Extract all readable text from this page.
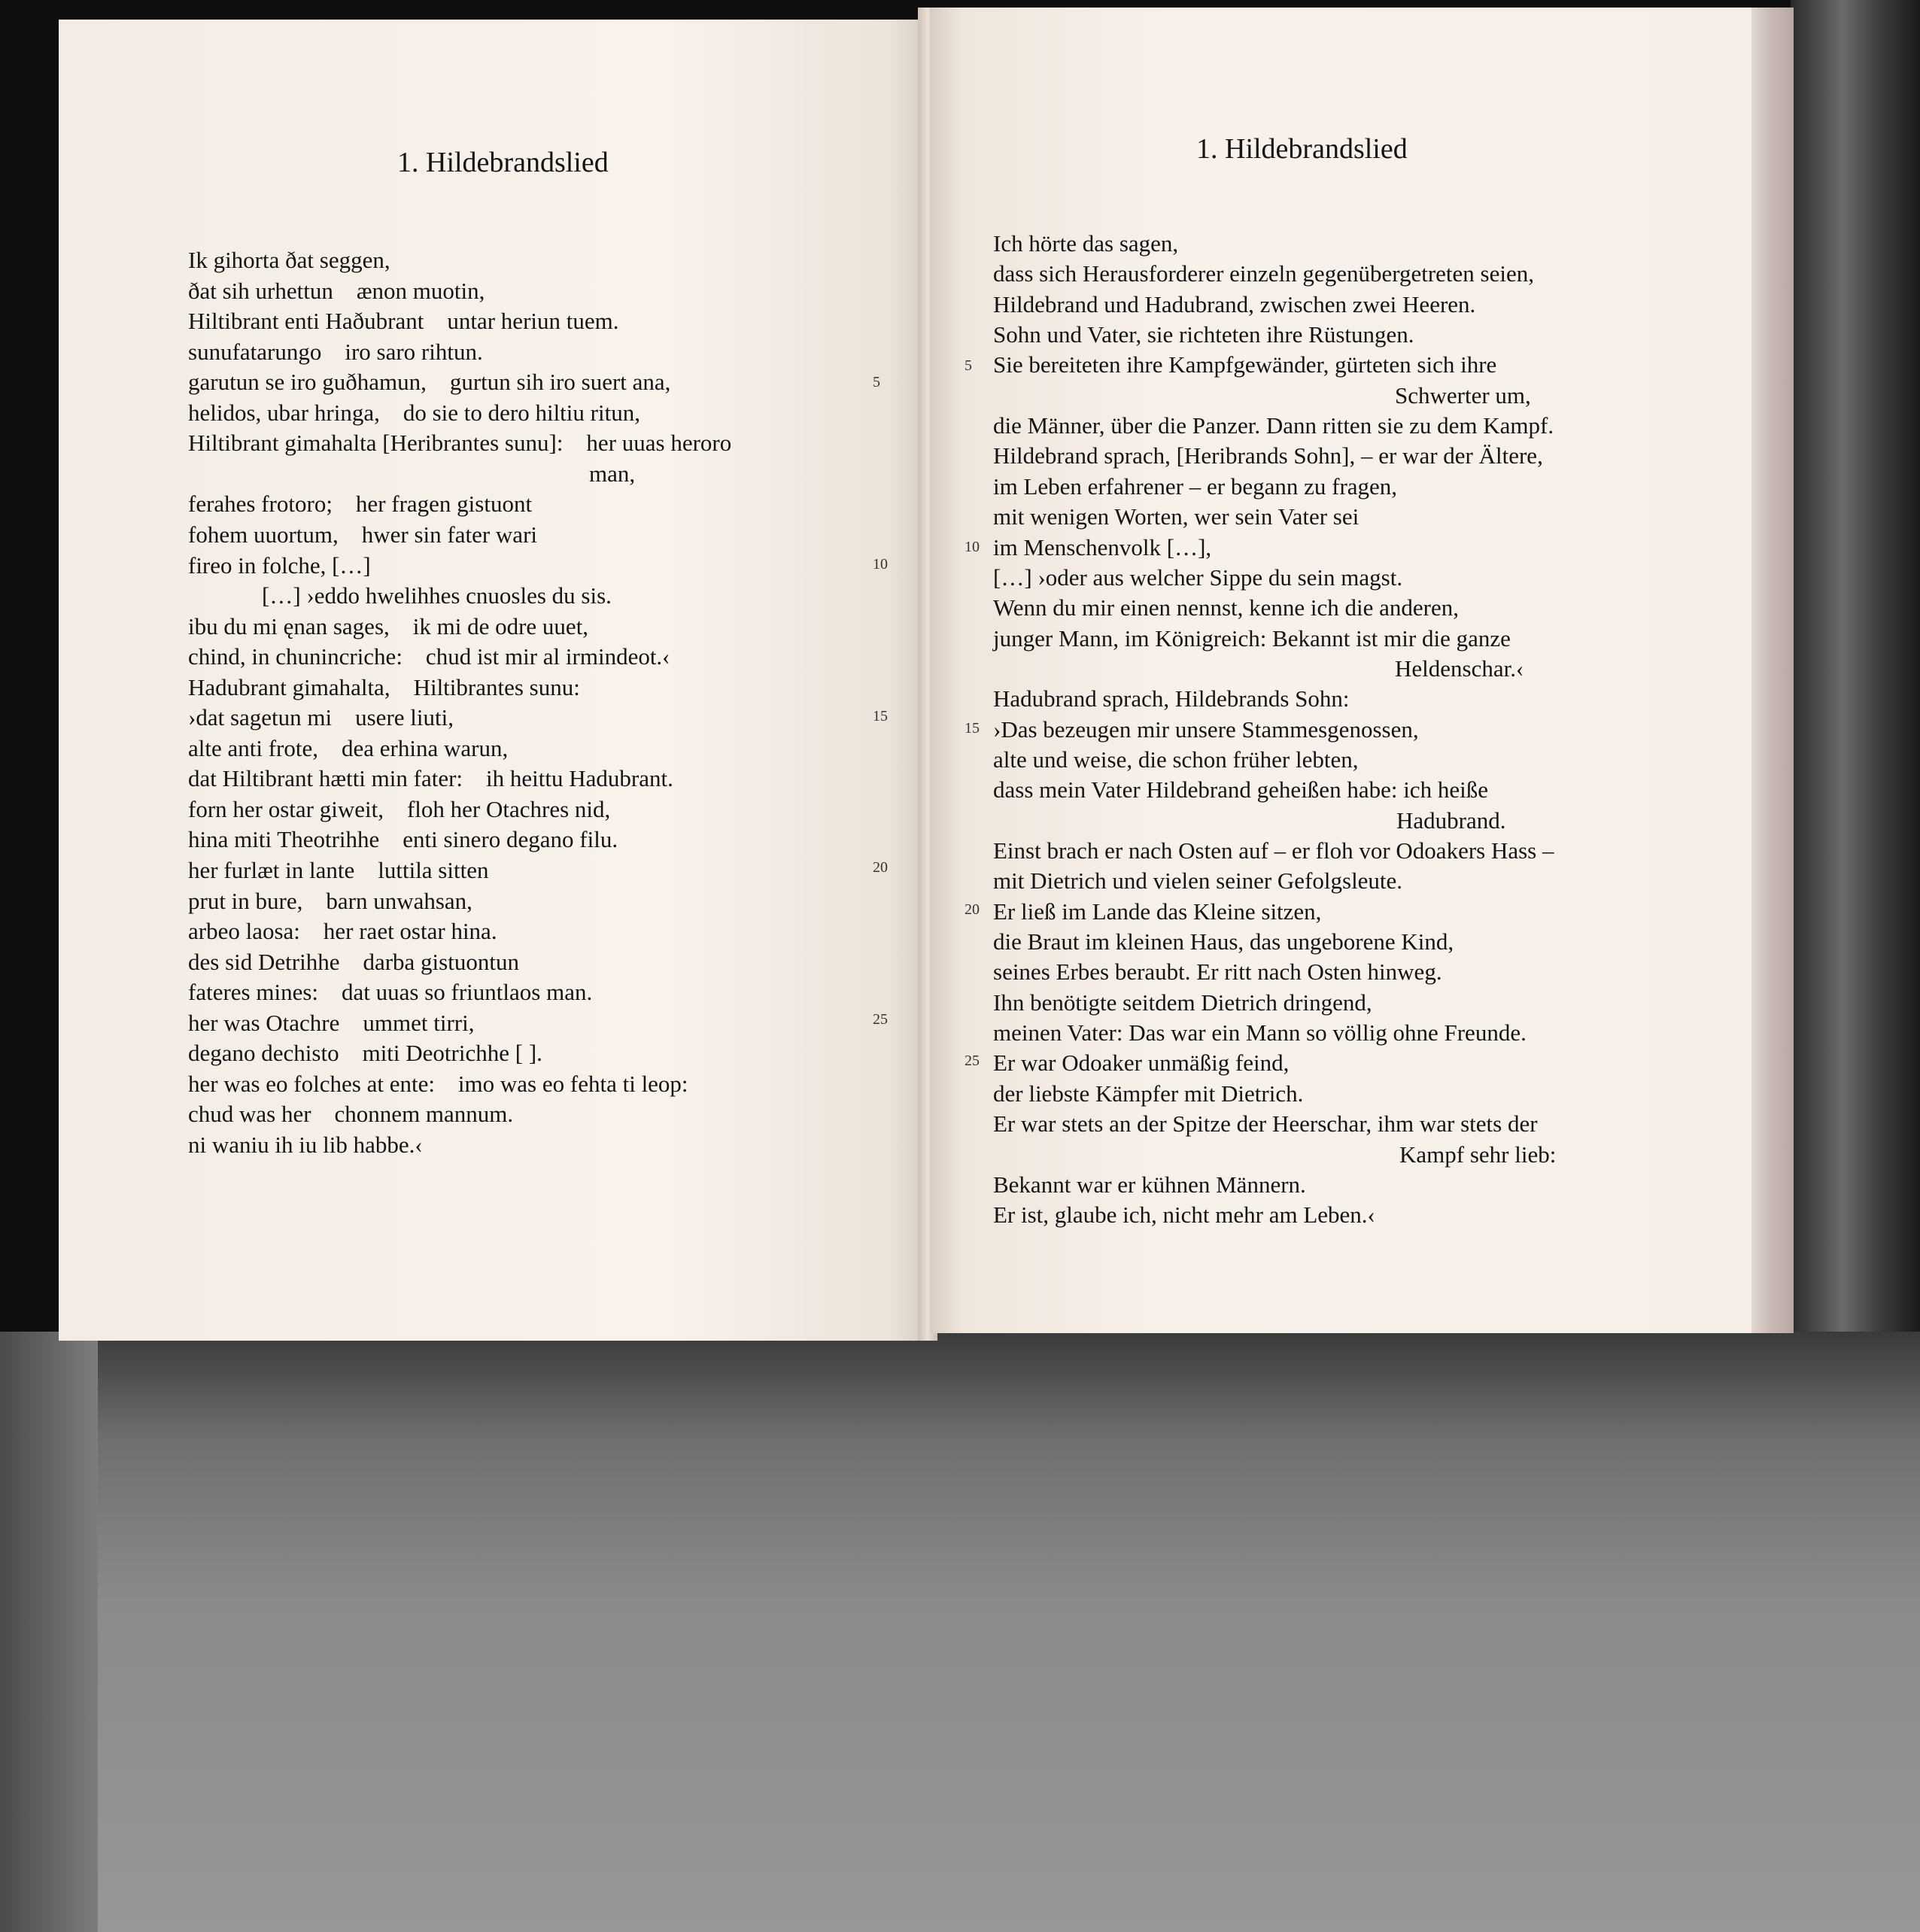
1. Hildebrandslied
Ik gihorta ðat seggen,
ðat sih urhettun    ænon muotin,
Hiltibrant enti Haðubrant    untar heriun tuem.
sunufatarungo    iro saro rihtun.
garutun se iro guðhamun,    gurtun sih iro suert ana,
helidos, ubar hringa,    do sie to dero hiltiu ritun,
Hiltibrant gimahalta [Heribrantes sunu]:    her uuas heroro
man,
ferahes frotoro;    her fragen gistuont
fohem uuortum,    hwer sin fater wari
fireo in folche, […]
[…] ›eddo hwelihhes cnuosles du sis.
ibu du mi ęnan sages,    ik mi de odre uuet,
chind, in chunincriche:    chud ist mir al irmindeot.‹
Hadubrant gimahalta,    Hiltibrantes sunu:
›dat sagetun mi    usere liuti,
alte anti frote,    dea erhina warun,
dat Hiltibrant hætti min fater:    ih heittu Hadubrant.
forn her ostar giweit,    floh her Otachres nid,
hina miti Theotrihhe    enti sinero degano filu.
her furlæt in lante    luttila sitten
prut in bure,    barn unwahsan,
arbeo laosa:    her raet ostar hina.
des sid Detrihhe    darba gistuontun
fateres mines:    dat uuas so friuntlaos man.
her was Otachre    ummet tirri,
degano dechisto    miti Deotrichhe [ ].
her was eo folches at ente:    imo was eo fehta ti leop:
chud was her    chonnem mannum.
ni waniu ih iu lib habbe.‹
5
10
15
20
25
1. Hildebrandslied
Ich hörte das sagen,
dass sich Herausforderer einzeln gegenübergetreten seien,
Hildebrand und Hadubrand, zwischen zwei Heeren.
Sohn und Vater, sie richteten ihre Rüstungen.
Sie bereiteten ihre Kampfgewänder, gürteten sich ihre
Schwerter um,
die Männer, über die Panzer. Dann ritten sie zu dem Kampf.
Hildebrand sprach, [Heribrands Sohn], – er war der Ältere,
im Leben erfahrener – er begann zu fragen,
mit wenigen Worten, wer sein Vater sei
im Menschenvolk […],
[…] ›oder aus welcher Sippe du sein magst.
Wenn du mir einen nennst, kenne ich die anderen,
junger Mann, im Königreich: Bekannt ist mir die ganze
Heldenschar.‹
Hadubrand sprach, Hildebrands Sohn:
›Das bezeugen mir unsere Stammesgenossen,
alte und weise, die schon früher lebten,
dass mein Vater Hildebrand geheißen habe: ich heiße
Hadubrand.
Einst brach er nach Osten auf – er floh vor Odoakers Hass –
mit Dietrich und vielen seiner Gefolgsleute.
Er ließ im Lande das Kleine sitzen,
die Braut im kleinen Haus, das ungeborene Kind,
seines Erbes beraubt. Er ritt nach Osten hinweg.
Ihn benötigte seitdem Dietrich dringend,
meinen Vater: Das war ein Mann so völlig ohne Freunde.
Er war Odoaker unmäßig feind,
der liebste Kämpfer mit Dietrich.
Er war stets an der Spitze der Heerschar, ihm war stets der
Kampf sehr lieb:
Bekannt war er kühnen Männern.
Er ist, glaube ich, nicht mehr am Leben.‹
5
10
15
20
25
